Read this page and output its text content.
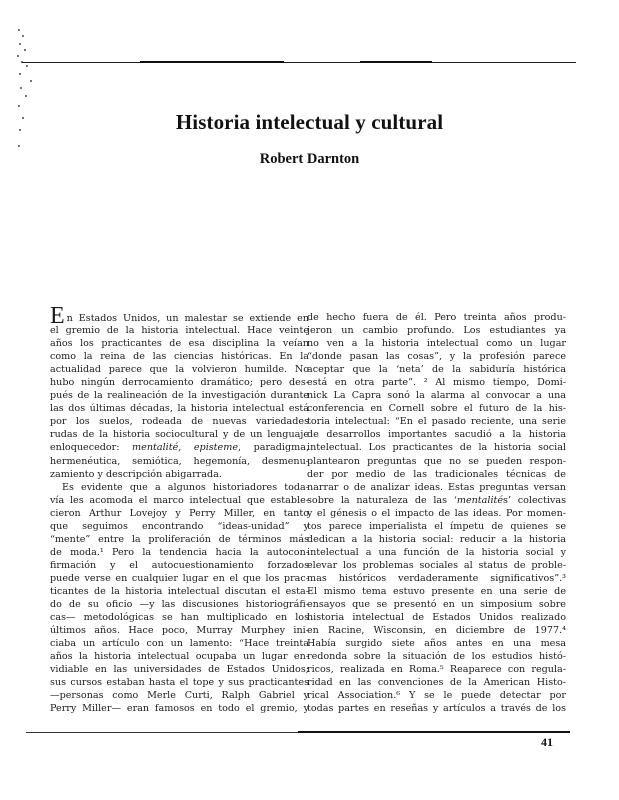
Historia intelectual y cultural
Robert Darnton
En Estados Unidos, un malestar se extiende en
el gremio de la historia intelectual. Hace veinte
años los practicantes de esa disciplina la veían
como la reina de las ciencias históricas. En la
actualidad parece que la volvieron humilde. No
hubo ningún derrocamiento dramático; pero des-
pués de la realineación de la investigación durante
las dos últimas décadas, la historia intelectual está
por los suelos, rodeada de nuevas variedades
rudas de la historia sociocultural y de un lenguaje
enloquecedor: mentalité, episteme, paradigma,
hermenéutica, semiótica, hegemonía, desmenu-
zamiento y descripción abigarrada.
Es evidente que a algunos historiadores toda-
vía les acomoda el marco intelectual que estable-
cieron Arthur Lovejoy y Perry Miller, en tanto
que seguimos encontrando “ideas-unidad” y
“mente” entre la proliferación de términos más
de moda.¹ Pero la tendencia hacia la autocon-
firmación y el autocuestionamiento forzados
puede verse en cualquier lugar en el que los prac-
ticantes de la historia intelectual discutan el esta-
do de su oficio —y las discusiones historiográfi-
cas— metodológicas se han multiplicado en los
últimos años. Hace poco, Murray Murphey ini-
ciaba un artículo con un lamento: “Hace treinta
años la historia intelectual ocupaba un lugar en-
vidiable en las universidades de Estados Unidos;
sus cursos estaban hasta el tope y sus practicantes
—personas como Merle Curti, Ralph Gabriel y
Perry Miller— eran famosos en todo el gremio, y
de hecho fuera de él. Pero treinta años produ-
jeron un cambio profundo. Los estudiantes ya
no ven a la historia intelectual como un lugar
“donde pasan las cosas”, y la profesión parece
aceptar que la ‘neta’ de la sabiduría histórica
está en otra parte”. ² Al mismo tiempo, Domi-
nick La Capra sonó la alarma al convocar a una
conferencia en Cornell sobre el futuro de la his-
toria intelectual: “En el pasado reciente, una serie
de desarrollos importantes sacudió a la historia
intelectual. Los practicantes de la historia social
plantearon preguntas que no se pueden respon-
der por medio de las tradicionales técnicas de
narrar o de analizar ideas. Estas preguntas versan
sobre la naturaleza de las ‘mentalités’ colectivas
y el génesis o el impacto de las ideas. Por momen-
tos parece imperialista el ímpetu de quienes se
dedican a la historia social: reducir a la historia
intelectual a una función de la historia social y
elevar los problemas sociales al status de proble-
mas históricos verdaderamente significativos”.³
El mismo tema estuvo presente en una serie de
ensayos que se presentó en un simposium sobre
historia intelectual de Estados Unidos realizado
en Racine, Wisconsin, en diciembre de 1977.⁴
Había surgido siete años antes en una mesa
redonda sobre la situación de los estudios histó-
ricos, realizada en Roma.⁵ Reaparece con regula-
ridad en las convenciones de la American Histo-
rical Association.⁶ Y se le puede detectar por
todas partes en reseñas y artículos a través de los
41
